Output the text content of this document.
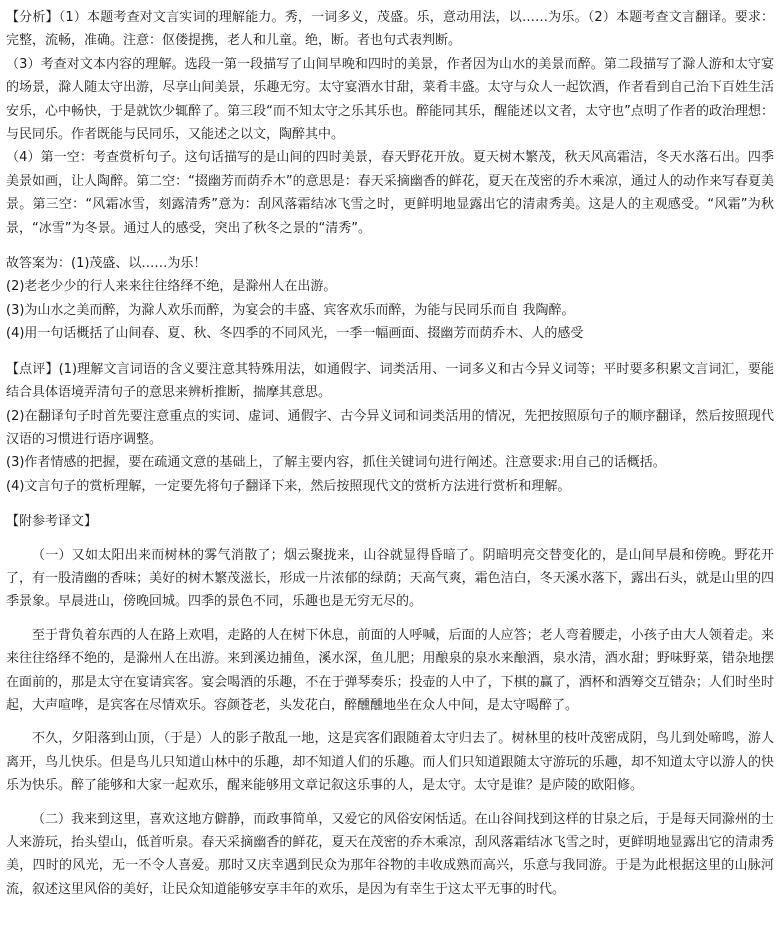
【分析】（1）本题考查对文言实词的理解能力。秀，一词多义，茂盛。乐，意动用法，以……为乐。（2）本题考查文言翻译。要求：完整，流畅，准确。注意：伛偻提携，老人和儿童。绝，断。者也句式表判断。

（3）考查对文本内容的理解。选段一第一段描写了山间早晚和四时的美景，作者因为山水的美景而醉。第二段描写了滁人游和太守宴的场景，滁人随太守出游，尽享山间美景，乐趣无穷。太守宴酒水甘甜，菜肴丰盛。太守与众人一起饮酒，作者看到自己治下百姓生活安乐，心中畅快，于是就饮少辄醉了。第三段“而不知太守之乐其乐也。醉能同其乐，醒能述以文者，太守也”点明了作者的政治理想：与民同乐。作者既能与民同乐，又能述之以文，陶醉其中。

（4）第一空：考查赏析句子。这句话描写的是山间的四时美景，春天野花开放。夏天树木繁茂，秋天风高霜洁，冬天水落石出。四季美景如画，让人陶醉。第二空：“掇幽芳而荫乔木”的意思是：春天采摘幽香的鲜花，夏天在茂密的乔木乘凉，通过人的动作来写春夏美景。第三空：“风霜冰雪，刻露清秀”意为：刮风落霜结冰飞雪之时，更鲜明地显露出它的清肃秀美。这是人的主观感受。“风霜”为秋景，“冰雪”为冬景。通过人的感受，突出了秋冬之景的“清秀”。

故答案为：(1)茂盛、以……为乐！

(2)老老少少的行人来来往往络绎不绝，是滁州人在出游。

(3)为山水之美而醉，为滁人欢乐而醉，为宴会的丰盛、宾客欢乐而醉，为能与民同乐而自 我陶醉。

(4)用一句话概括了山间春、夏、秋、冬四季的不同风光，一季一幅画面、掇幽芳而荫乔木、人的感受

【点评】(1)理解文言词语的含义要注意其特殊用法，如通假字、词类活用、一词多义和古今异义词等；平时要多积累文言词汇，要能结合具体语境弄清句子的意思来辨析推断，揣摩其意思。

(2)在翻译句子时首先要注意重点的实词、虚词、通假字、古今异义词和词类活用的情况，先把按照原句子的顺序翻译，然后按照现代汉语的习惯进行语序调整。

(3)作者情感的把握，要在疏通文意的基础上，了解主要内容，抓住关键词句进行阐述。注意要求:用自己的话概括。

(4)文言句子的赏析理解，一定要先将句子翻译下来，然后按照现代文的赏析方法进行赏析和理解。

【附参考译文】

（一）又如太阳出来而树林的雾气消散了；烟云聚拢来，山谷就显得昏暗了。阴暗明亮交替变化的，是山间早晨和傍晚。野花开了，有一股清幽的香味；美好的树木繁茂滋长，形成一片浓郁的绿荫；天高气爽，霜色洁白，冬天溪水落下，露出石头，就是山里的四季景象。早晨进山，傍晚回城。四季的景色不同，乐趣也是无穷无尽的。

至于背负着东西的人在路上欢唱，走路的人在树下休息，前面的人呼喊，后面的人应答；老人弯着腰走，小孩子由大人领着走。来来往往络绎不绝的，是滁州人在出游。来到溪边捕鱼，溪水深，鱼儿肥；用酿泉的泉水来酿酒，泉水清，酒水甜；野味野菜，错杂地摆在面前的，那是太守在宴请宾客。宴会喝酒的乐趣，不在于弹琴奏乐；投壶的人中了，下棋的赢了，酒杯和酒筹交互错杂；人们时坐时起，大声喧哗，是宾客在尽情欢乐。容颜苍老，头发花白，醉醺醺地坐在众人中间，是太守喝醉了。

不久，夕阳落到山顶，（于是）人的影子散乱一地，这是宾客们跟随着太守归去了。树林里的枝叶茂密成阴，鸟儿到处啼鸣，游人离开，鸟儿快乐。但是鸟儿只知道山林中的乐趣，却不知道人们的乐趣。而人们只知道跟随太守游玩的乐趣，却不知道太守以游人的快乐为快乐。醉了能够和大家一起欢乐，醒来能够用文章记叙这乐事的人，是太守。太守是谁？是庐陵的欧阳修。

（二）我来到这里，喜欢这地方僻静，而政事简单，又爱它的风俗安闲恬适。在山谷间找到这样的甘泉之后，于是每天同滁州的士人来游玩，抬头望山，低首听泉。春天采摘幽香的鲜花，夏天在茂密的乔木乘凉，刮风落霜结冰飞雪之时，更鲜明地显露出它的清肃秀美，四时的风光，无一不令人喜爱。那时又庆幸遇到民众为那年谷物的丰收成熟而高兴，乐意与我同游。于是为此根据这里的山脉河流，叙述这里风俗的美好，让民众知道能够安享丰年的欢乐，是因为有幸生于这太平无事的时代。
